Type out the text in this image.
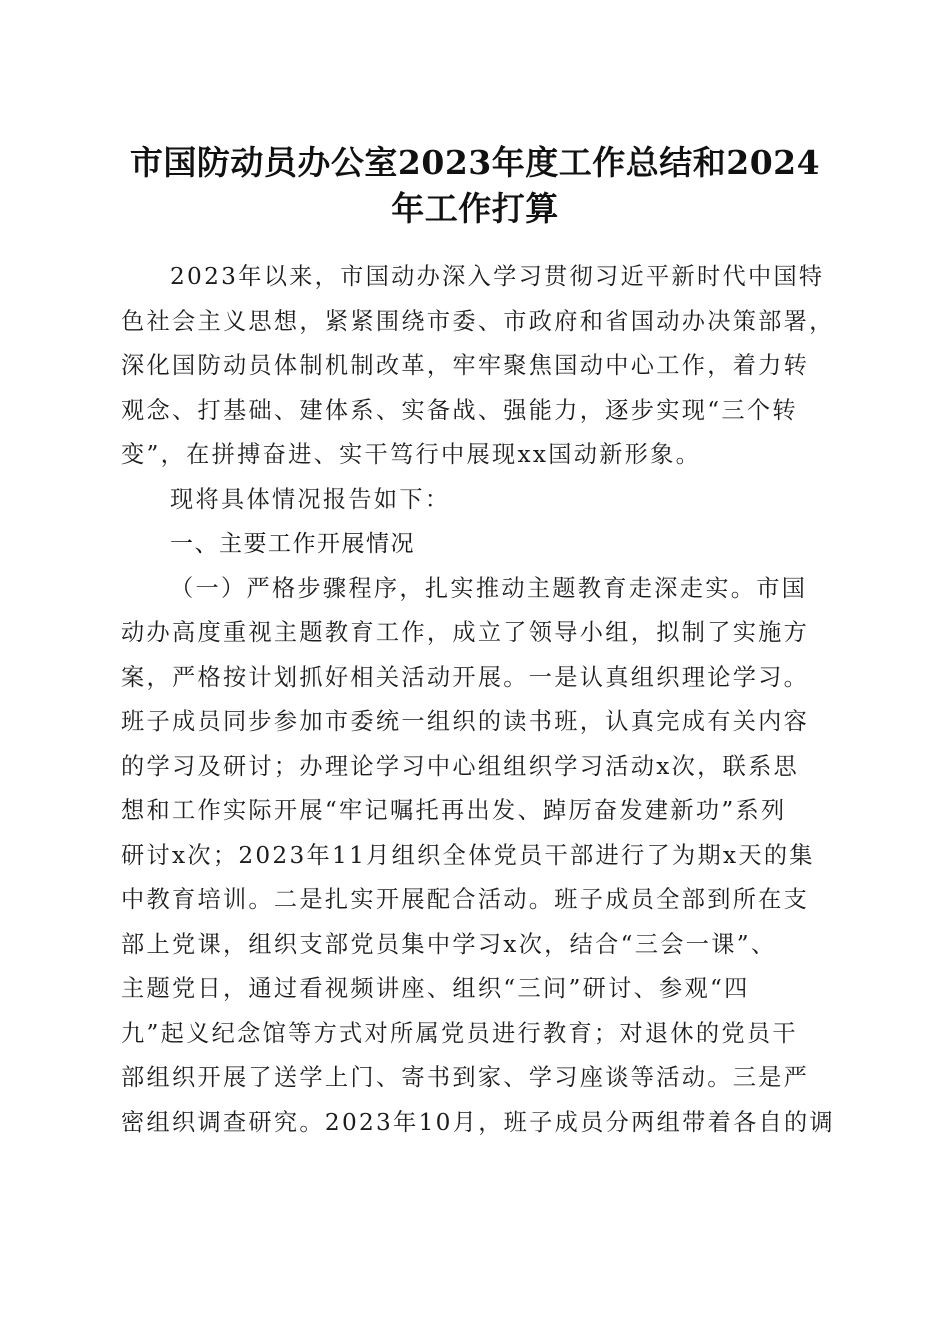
市国防动员办公室2023年度工作总结和2024
年工作打算
2023年以来，市国动办深入学习贯彻习近平新时代中国特
色社会主义思想，紧紧围绕市委、市政府和省国动办决策部署，
深化国防动员体制机制改革，牢牢聚焦国动中心工作，着力转
观念、打基础、建体系、实备战、强能力，逐步实现“三个转
变”，在拼搏奋进、实干笃行中展现xx国动新形象。
现将具体情况报告如下：
一、主要工作开展情况
（一）严格步骤程序，扎实推动主题教育走深走实。市国
动办高度重视主题教育工作，成立了领导小组，拟制了实施方
案，严格按计划抓好相关活动开展。一是认真组织理论学习。
班子成员同步参加市委统一组织的读书班，认真完成有关内容
的学习及研讨；办理论学习中心组组织学习活动x次，联系思
想和工作实际开展“牢记嘱托再出发、踔厉奋发建新功”系列
研讨x次；2023年11月组织全体党员干部进行了为期x天的集
中教育培训。二是扎实开展配合活动。班子成员全部到所在支
部上党课，组织支部党员集中学习x次，结合“三会一课”、
主题党日，通过看视频讲座、组织“三问”研讨、参观“四
九”起义纪念馆等方式对所属党员进行教育；对退休的党员干
部组织开展了送学上门、寄书到家、学习座谈等活动。三是严
密组织调查研究。2023年10月，班子成员分两组带着各自的调
